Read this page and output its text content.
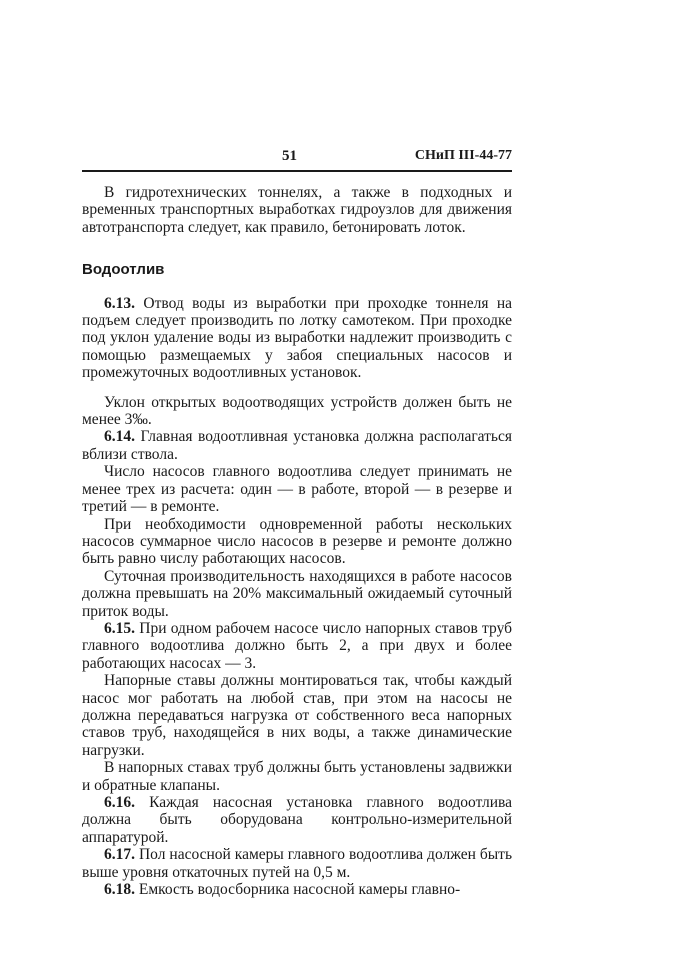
51	СНиП III-44-77

В гидротехнических тоннелях, а также в подходных и временных транспортных выработках гидроузлов для движения автотранспорта следует, как правило, бетонировать лоток.

Водоотлив

6.13. Отвод воды из выработки при проходке тоннеля на подъем следует производить по лотку самотеком. При проходке под уклон удаление воды из выработки надлежит производить с помощью размещаемых у забоя специальных насосов и промежуточных водоотливных установок.

Уклон открытых водоотводящих устройств должен быть не менее 3‰.

6.14. Главная водоотливная установка должна располагаться вблизи ствола.

Число насосов главного водоотлива следует принимать не менее трех из расчета: один — в работе, второй — в резерве и третий — в ремонте.

При необходимости одновременной работы нескольких насосов суммарное число насосов в резерве и ремонте должно быть равно числу работающих насосов.

Суточная производительность находящихся в работе насосов должна превышать на 20% максимальный ожидаемый суточный приток воды.

6.15. При одном рабочем насосе число напорных ставов труб главного водоотлива должно быть 2, а при двух и более работающих насосах — 3.

Напорные ставы должны монтироваться так, чтобы каждый насос мог работать на любой став, при этом на насосы не должна передаваться нагрузка от собственного веса напорных ставов труб, находящейся в них воды, а также динамические нагрузки.

В напорных ставах труб должны быть установлены задвижки и обратные клапаны.

6.16. Каждая насосная установка главного водоотлива должна быть оборудована контрольно-измерительной аппаратурой.

6.17. Пол насосной камеры главного водоотлива должен быть выше уровня откаточных путей на 0,5 м.

6.18. Емкость водосборника насосной камеры главно-
